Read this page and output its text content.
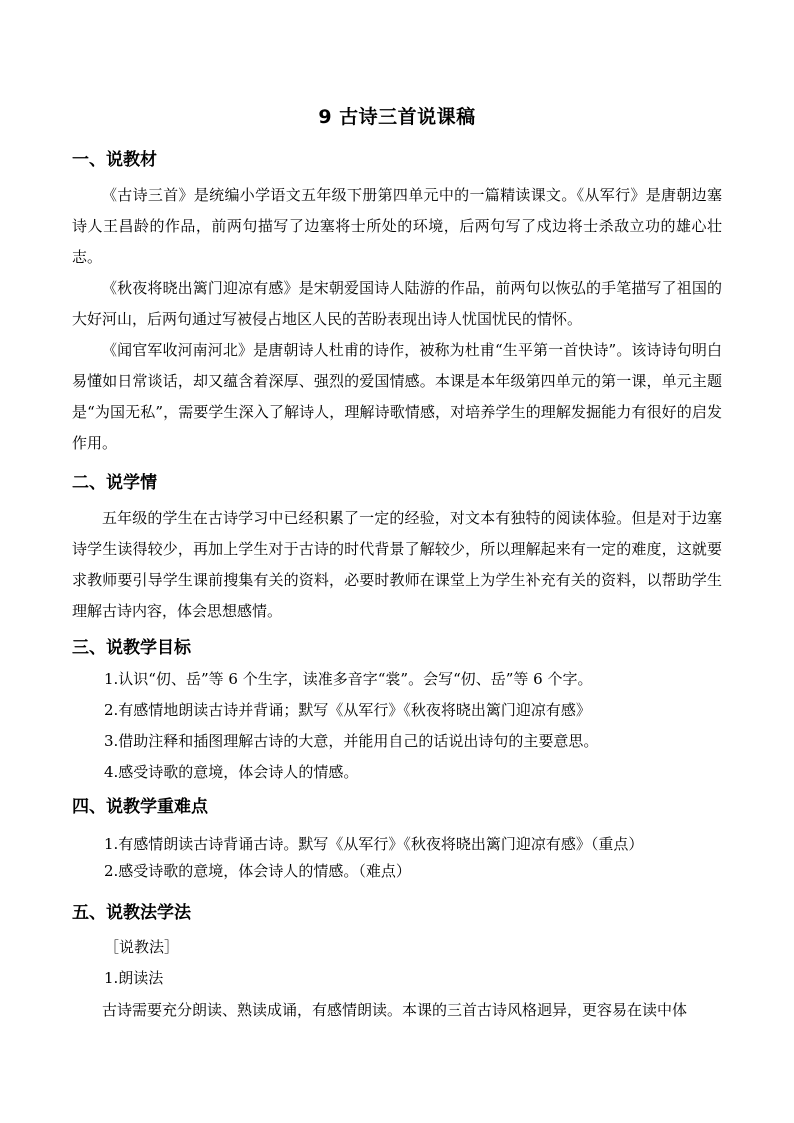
9 古诗三首说课稿
一、说教材

《古诗三首》是统编小学语文五年级下册第四单元中的一篇精读课文。《从军行》是唐朝边塞诗人王昌龄的作品，前两句描写了边塞将士所处的环境，后两句写了戍边将士杀敌立功的雄心壮志。

《秋夜将晓出篱门迎凉有感》是宋朝爱国诗人陆游的作品，前两句以恢弘的手笔描写了祖国的大好河山，后两句通过写被侵占地区人民的苦盼表现出诗人忧国忧民的情怀。

《闻官军收河南河北》是唐朝诗人杜甫的诗作，被称为杜甫“生平第一首快诗”。该诗诗句明白易懂如日常谈话，却又蕴含着深厚、强烈的爱国情感。本课是本年级第四单元的第一课，单元主题是“为国无私”，需要学生深入了解诗人，理解诗歌情感，对培养学生的理解发掘能力有很好的启发作用。

二、说学情

五年级的学生在古诗学习中已经积累了一定的经验，对文本有独特的阅读体验。但是对于边塞诗学生读得较少，再加上学生对于古诗的时代背景了解较少，所以理解起来有一定的难度，这就要求教师要引导学生课前搜集有关的资料，必要时教师在课堂上为学生补充有关的资料，以帮助学生理解古诗内容，体会思想感情。

三、说教学目标

1.认识“仞、岳”等 6 个生字，读准多音字“裳”。会写“仞、岳”等 6 个字。

2.有感情地朗读古诗并背诵；默写《从军行》《秋夜将晓出篱门迎凉有感》

3.借助注释和插图理解古诗的大意，并能用自己的话说出诗句的主要意思。

4.感受诗歌的意境，体会诗人的情感。

四、说教学重难点

1.有感情朗读古诗背诵古诗。默写《从军行》《秋夜将晓出篱门迎凉有感》（重点）

2.感受诗歌的意境，体会诗人的情感。（难点）

五、说教法学法

［说教法］

1.朗读法

古诗需要充分朗读、熟读成诵，有感情朗读。本课的三首古诗风格迥异，更容易在读中体
